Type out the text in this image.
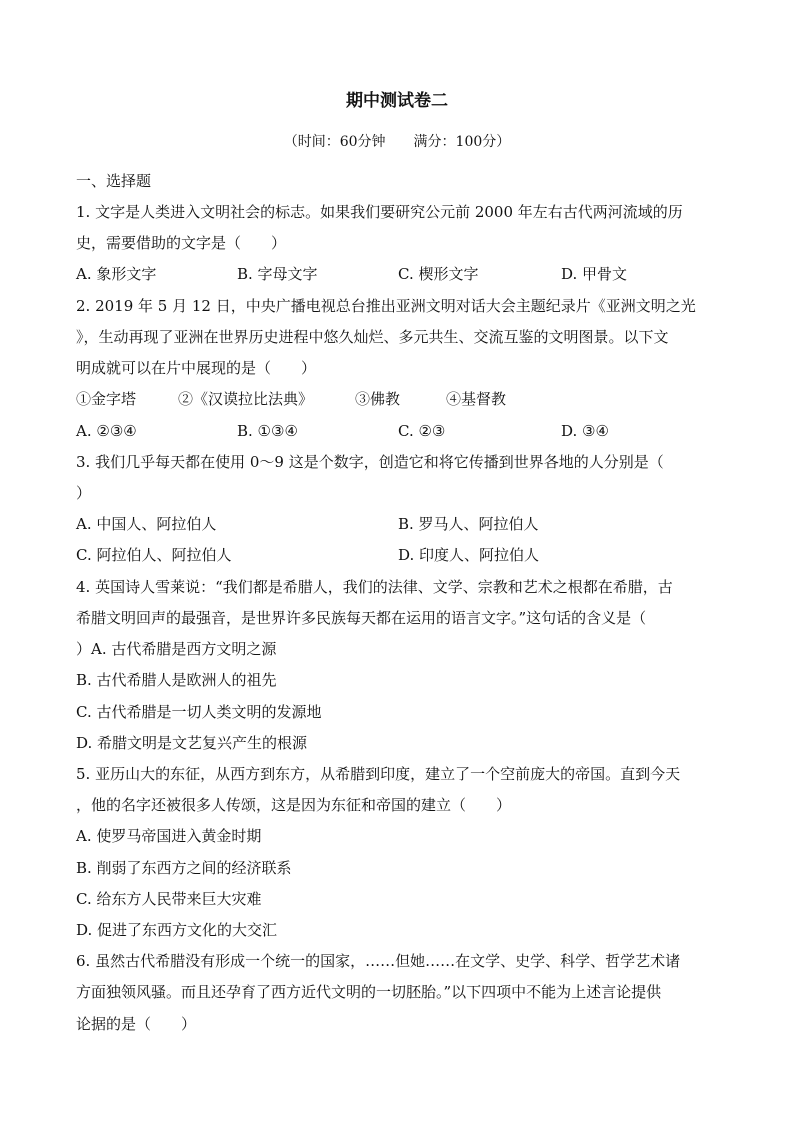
期中测试卷二
（时间：60分钟　　满分：100分）
一、选择题
1. 文字是人类进入文明社会的标志。如果我们要研究公元前 2000 年左右古代两河流域的历
史，需要借助的文字是（　　）
A. 象形文字	B. 字母文字	C. 楔形文字	D. 甲骨文
2. 2019 年 5 月 12 日，中央广播电视总台推出亚洲文明对话大会主题纪录片《亚洲文明之光
》，生动再现了亚洲在世界历史进程中悠久灿烂、多元共生、交流互鉴的文明图景。以下文
明成就可以在片中展现的是（　　）
①金字塔	②《汉谟拉比法典》	③佛教	④基督教
A. ②③④	B. ①③④	C. ②③	D. ③④
3. 我们几乎每天都在使用 0～9 这是个数字，创造它和将它传播到世界各地的人分别是（
）
A. 中国人、阿拉伯人	B. 罗马人、阿拉伯人
C. 阿拉伯人、阿拉伯人	D. 印度人、阿拉伯人
4. 英国诗人雪莱说：“我们都是希腊人，我们的法律、文学、宗教和艺术之根都在希腊，古
希腊文明回声的最强音，是世界许多民族每天都在运用的语言文字。”这句话的含义是（
）A. 古代希腊是西方文明之源
B. 古代希腊人是欧洲人的祖先
C. 古代希腊是一切人类文明的发源地
D. 希腊文明是文艺复兴产生的根源
5. 亚历山大的东征，从西方到东方，从希腊到印度，建立了一个空前庞大的帝国。直到今天
，他的名字还被很多人传颂，这是因为东征和帝国的建立（　　）
A. 使罗马帝国进入黄金时期
B. 削弱了东西方之间的经济联系
C. 给东方人民带来巨大灾难
D. 促进了东西方文化的大交汇
6. 虽然古代希腊没有形成一个统一的国家，……但她……在文学、史学、科学、哲学艺术诸
方面独领风骚。而且还孕育了西方近代文明的一切胚胎。”以下四项中不能为上述言论提供
论据的是（　　）
